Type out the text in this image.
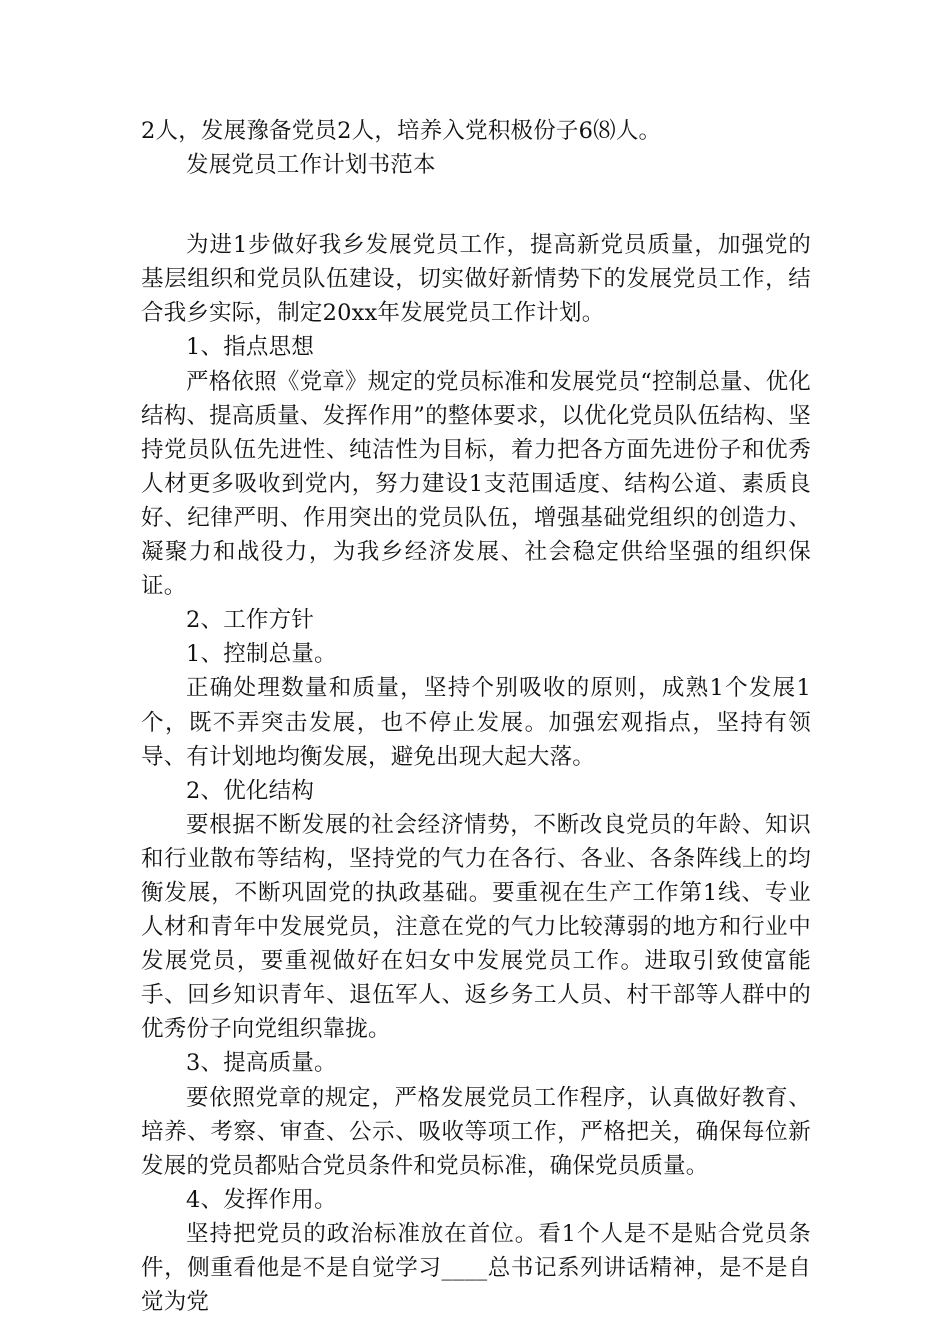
2人，发展豫备党员2人，培养入党积极份子6⑻人。

发展党员工作计划书范本

为进1步做好我乡发展党员工作，提高新党员质量，加强党的基层组织和党员队伍建设，切实做好新情势下的发展党员工作，结合我乡实际，制定20xx年发展党员工作计划。

1、指点思想

严格依照《党章》规定的党员标准和发展党员“控制总量、优化结构、提高质量、发挥作用”的整体要求，以优化党员队伍结构、坚持党员队伍先进性、纯洁性为目标，着力把各方面先进份子和优秀人材更多吸收到党内，努力建设1支范围适度、结构公道、素质良好、纪律严明、作用突出的党员队伍，增强基础党组织的创造力、凝聚力和战役力，为我乡经济发展、社会稳定供给坚强的组织保证。

2、工作方针

1、控制总量。

正确处理数量和质量，坚持个别吸收的原则，成熟1个发展1个，既不弄突击发展，也不停止发展。加强宏观指点，坚持有领导、有计划地均衡发展，避免出现大起大落。

2、优化结构

要根据不断发展的社会经济情势，不断改良党员的年龄、知识和行业散布等结构，坚持党的气力在各行、各业、各条阵线上的均衡发展，不断巩固党的执政基础。要重视在生产工作第1线、专业人材和青年中发展党员，注意在党的气力比较薄弱的地方和行业中发展党员，要重视做好在妇女中发展党员工作。进取引致使富能手、回乡知识青年、退伍军人、返乡务工人员、村干部等人群中的优秀份子向党组织靠拢。

3、提高质量。

要依照党章的规定，严格发展党员工作程序，认真做好教育、培养、考察、审查、公示、吸收等项工作，严格把关，确保每位新发展的党员都贴合党员条件和党员标准，确保党员质量。

4、发挥作用。

坚持把党员的政治标准放在首位。看1个人是不是贴合党员条件，侧重看他是不是自觉学习____总书记系列讲话精神，是不是自觉为党
